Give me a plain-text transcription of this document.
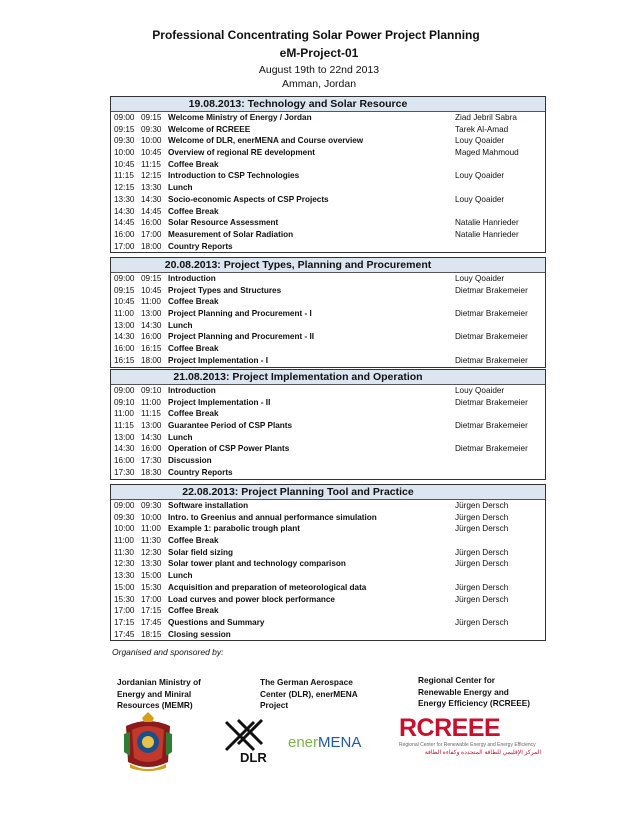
Professional Concentrating Solar Power Project Planning
eM-Project-01
August 19th to 22nd 2013
Amman, Jordan
19.08.2013: Technology and Solar Resource
09:00 09:15 Welcome Ministry of Energy / Jordan	Ziad Jebril Sabra
09:15 09:30 Welcome of RCREEE	Tarek Al-Amad
09:30 10:00 Welcome of DLR, enerMENA and Course overview	Louy Qoaider
10:00 10:45 Overview of regional RE development	Maged Mahmoud
10:45 11:15 Coffee Break
11:15 12:15 Introduction to CSP Technologies	Louy Qoaider
12:15 13:30 Lunch
13:30 14:30 Socio-economic Aspects of CSP Projects	Louy Qoaider
14:30 14:45 Coffee Break
14:45 16:00 Solar Resource Assessment	Natalie Hanrieder
16:00 17:00 Measurement of Solar Radiation	Natalie Hanrieder
17:00 18:00 Country Reports
20.08.2013: Project Types, Planning and Procurement
09:00 09:15 Introduction	Louy Qoaider
09:15 10:45 Project Types and Structures	Dietmar Brakemeier
10:45 11:00 Coffee Break
11:00 13:00 Project Planning and Procurement - I	Dietmar Brakemeier
13:00 14:30 Lunch
14:30 16:00 Project Planning and Procurement - II	Dietmar Brakemeier
16:00 16:15 Coffee Break
16:15 18:00 Project Implementation - I	Dietmar Brakemeier
21.08.2013: Project Implementation and Operation
09:00 09:10 Introduction	Louy Qoaider
09:10 11:00 Project Implementation - II	Dietmar Brakemeier
11:00 11:15 Coffee Break
11:15 13:00 Guarantee Period of CSP Plants	Dietmar Brakemeier
13:00 14:30 Lunch
14:30 16:00 Operation of CSP Power Plants	Dietmar Brakemeier
16:00 17:30 Discussion
17:30 18:30 Country Reports
22.08.2013: Project Planning Tool and Practice
09:00 09:30 Software installation	Jürgen Dersch
09:30 10:00 Intro. to Greenius and annual performance simulation	Jürgen Dersch
10:00 11:00 Example 1: parabolic trough plant	Jürgen Dersch
11:00 11:30 Coffee Break
11:30 12:30 Solar field sizing	Jürgen Dersch
12:30 13:30 Solar tower plant and technology comparison	Jürgen Dersch
13:30 15:00 Lunch
15:00 15:30 Acquisition and preparation of meteorological data	Jürgen Dersch
15:30 17:00 Load curves and power block performance	Jürgen Dersch
17:00 17:15 Coffee Break
17:15 17:45 Questions and Summary	Jürgen Dersch
17:45 18:15 Closing session
Organised and sponsored by:
Jordanian Ministry of
Energy and Miniral
Resources (MEMR)
The German Aerospace
Center (DLR), enerMENA
Project
Regional Center for
Renewable Energy and
Energy Efficiency (RCREEE)
DLR
enerMENA
RCREEE
Regional Center for Renewable Energy and Energy Efficiency
المركز الإقليمي للطاقة المتجددة وكفاءة الطاقة
